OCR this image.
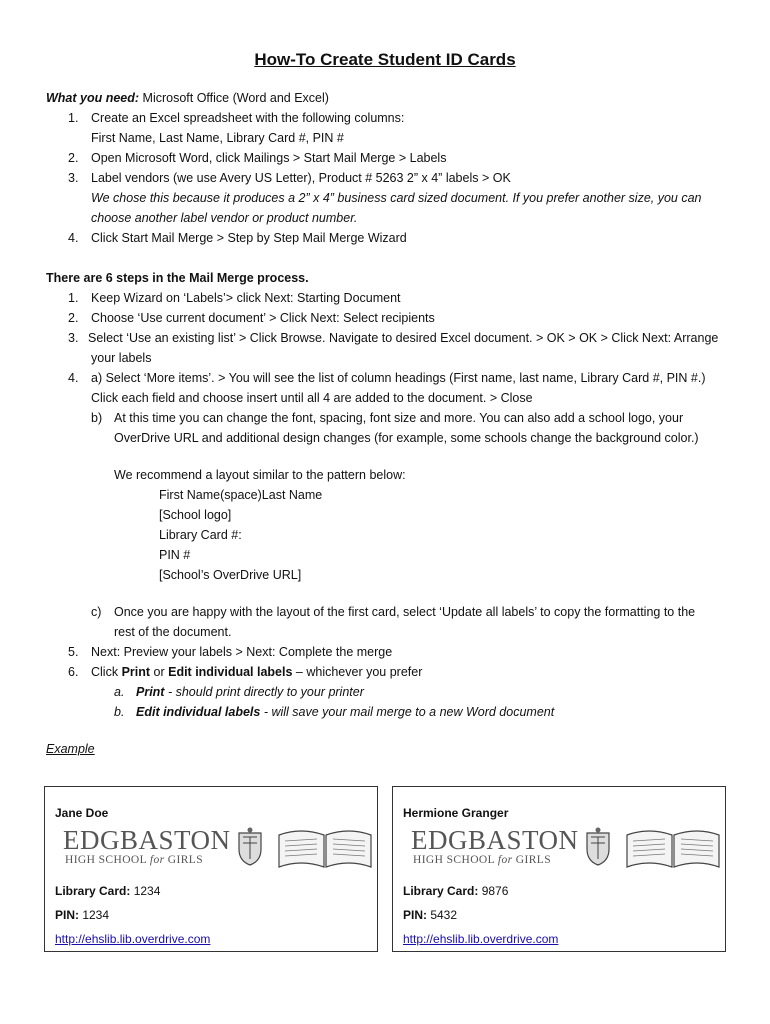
How-To Create Student ID Cards
What you need: Microsoft Office (Word and Excel)
1. Create an Excel spreadsheet with the following columns:
First Name, Last Name, Library Card #, PIN #
2. Open Microsoft Word, click Mailings > Start Mail Merge > Labels
3. Label vendors (we use Avery US Letter), Product # 5263 2” x 4” labels > OK
We chose this because it produces a 2” x 4” business card sized document. If you prefer another size, you can
choose another label vendor or product number.
4. Click Start Mail Merge > Step by Step Mail Merge Wizard
There are 6 steps in the Mail Merge process.
1. Keep Wizard on ‘Labels’> click Next: Starting Document
2. Choose ‘Use current document’ > Click Next: Select recipients
3. Select ‘Use an existing list’ > Click Browse. Navigate to desired Excel document. > OK > OK > Click Next: Arrange
your labels
4. a) Select ‘More items’. > You will see the list of column headings (First name, last name, Library Card #, PIN #.)
Click each field and choose insert until all 4 are added to the document. > Close
b) At this time you can change the font, spacing, font size and more. You can also add a school logo, your
OverDrive URL and additional design changes (for example, some schools change the background color.)
We recommend a layout similar to the pattern below:
First Name(space)Last Name
[School logo]
Library Card #:
PIN #
[School’s OverDrive URL]
c) Once you are happy with the layout of the first card, select ‘Update all labels’ to copy the formatting to the
rest of the document.
5. Next: Preview your labels > Next: Complete the merge
6. Click Print or Edit individual labels – whichever you prefer
a. Print - should print directly to your printer
b. Edit individual labels - will save your mail merge to a new Word document
Example
Jane Doe
EDGBASTON
HIGH SCHOOL for GIRLS
Library Card: 1234
PIN: 1234
http://ehslib.lib.overdrive.com
Hermione Granger
EDGBASTON
HIGH SCHOOL for GIRLS
Library Card: 9876
PIN: 5432
http://ehslib.lib.overdrive.com
